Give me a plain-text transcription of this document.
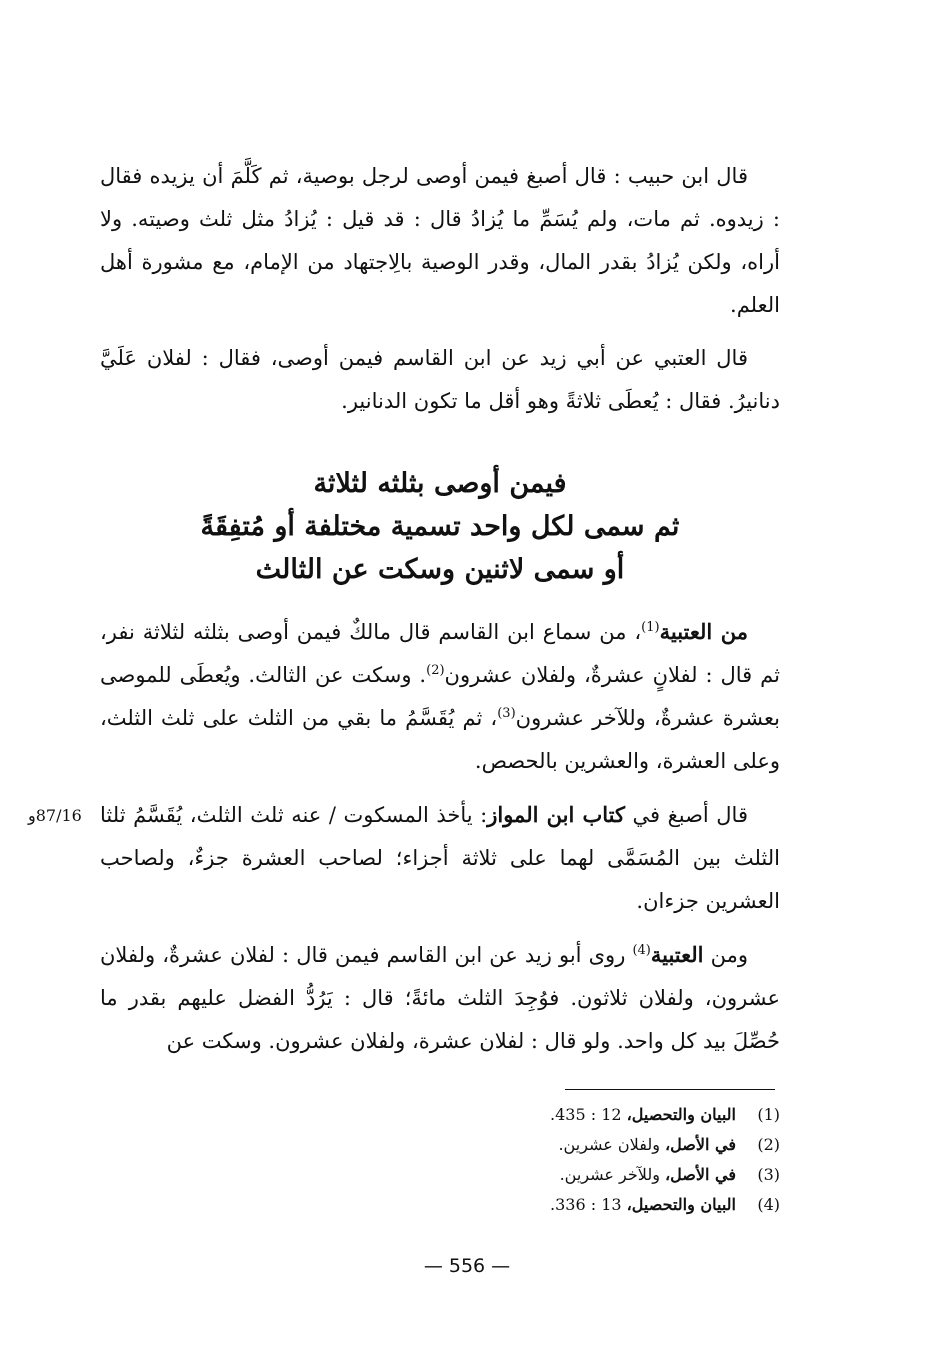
قال ابن حبيب : قال أصبغ فيمن أوصى لرجل بوصية، ثم كَلَّمَ أن يزيده فقال : زيدوه. ثم مات، ولم يُسَمِّ ما يُزادُ قال : قد قيل : يُزادُ مثل ثلث وصيته. ولا أراه، ولكن يُزادُ بقدر المال، وقدر الوصية بالِاجتهاد من الإمام، مع مشورة أهل العلم.

قال العتبي عن أبي زيد عن ابن القاسم فيمن أوصى، فقال : لفلان عَلَيَّ دنانيرُ. فقال : يُعطَى ثلاثةً وهو أقل ما تكون الدنانير.

فيمن أوصى بثلثه لثلاثة
ثم سمى لكل واحد تسمية مختلفة أو مُتفِقَةً
أو سمى لاثنين وسكت عن الثالث

من العتبية$^{(1)}$، من سماع ابن القاسم قال مالكٌ فيمن أوصى بثلثه لثلاثة نفر، ثم قال : لفلانٍ عشرةٌ، ولفلان عشرون$^{(2)}$. وسكت عن الثالث. ويُعطَى للموصى بعشرة عشرةٌ، وللآخر عشرون$^{(3)}$، ثم يُقَسَّمُ ما بقي من الثلث على ثلث الثلث، وعلى العشرة، والعشرين بالحصص.

قال أصبغ في كتاب ابن المواز: يأخذ المسكوت / عنه ثلث الثلث، يُقَسَّمُ ثلثا الثلث بين المُسَمَّى لهما على ثلاثة أجزاء؛ لصاحب العشرة جزءٌ، ولصاحب العشرين جزءان.

ومن العتبية$^{(4)}$ روى أبو زيد عن ابن القاسم فيمن قال : لفلان عشرةٌ، ولفلان عشرون، ولفلان ثلاثون. فوُجِدَ الثلث مائةً؛ قال : يَرُدُّ الفضل عليهم بقدر ما حُصِّلَ بيد كل واحد. ولو قال : لفلان عشرة، ولفلان عشرون. وسكت عن

87/16و
(1)
البيان والتحصيل، 12 : 435.
(2)
في الأصل، ولفلان عشرين.
(3)
في الأصل، وللآخر عشرين.
(4)
البيان والتحصيل، 13 : 336.
— 556 —
